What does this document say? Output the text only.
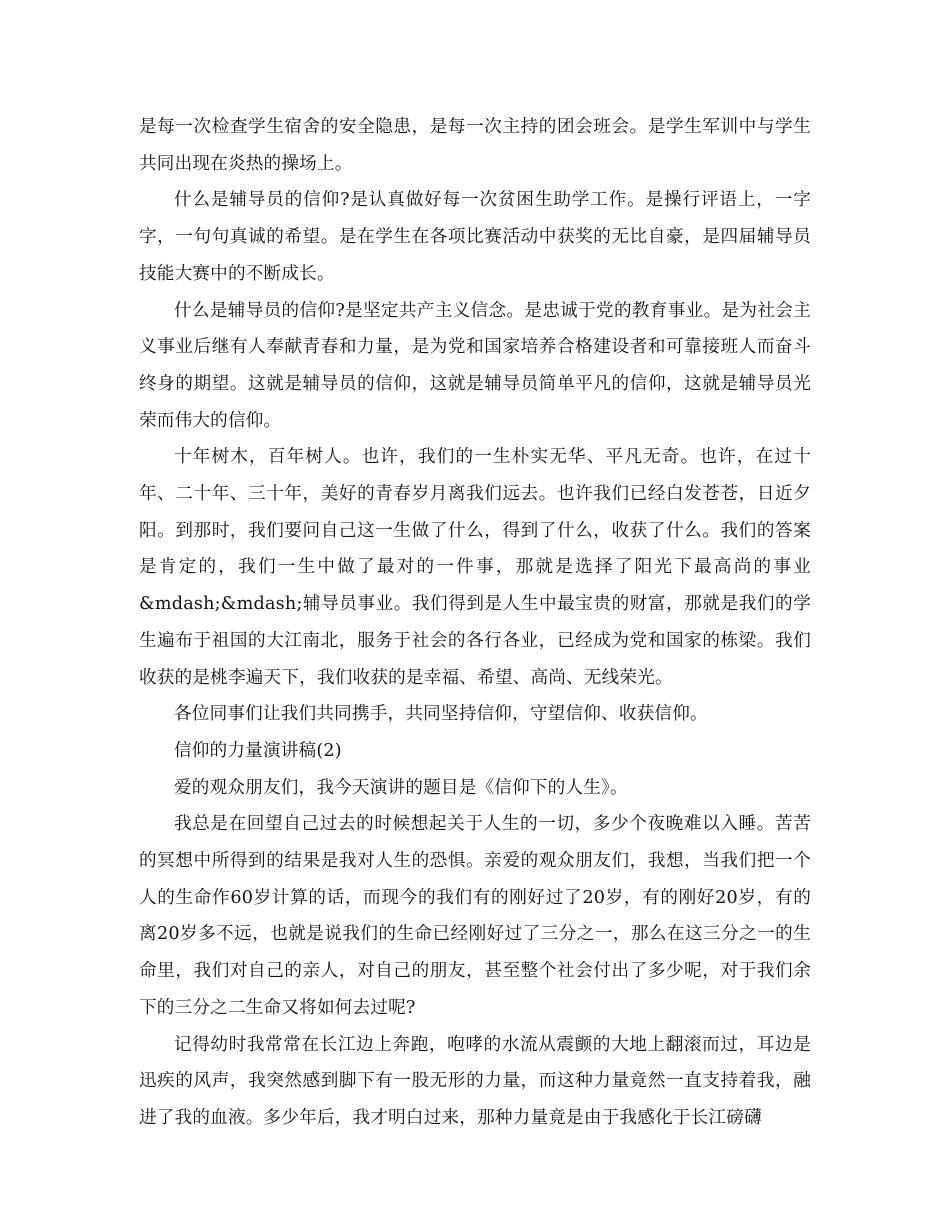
是每一次检查学生宿舍的安全隐患，是每一次主持的团会班会。是学生军训中与学生共同出现在炎热的操场上。

什么是辅导员的信仰?是认真做好每一次贫困生助学工作。是操行评语上，一字字，一句句真诚的希望。是在学生在各项比赛活动中获奖的无比自豪，是四届辅导员技能大赛中的不断成长。

什么是辅导员的信仰?是坚定共产主义信念。是忠诚于党的教育事业。是为社会主义事业后继有人奉献青春和力量，是为党和国家培养合格建设者和可靠接班人而奋斗终身的期望。这就是辅导员的信仰，这就是辅导员简单平凡的信仰，这就是辅导员光荣而伟大的信仰。

十年树木，百年树人。也许，我们的一生朴实无华、平凡无奇。也许，在过十年、二十年、三十年，美好的青春岁月离我们远去。也许我们已经白发苍苍，日近夕阳。到那时，我们要问自己这一生做了什么，得到了什么，收获了什么。我们的答案是肯定的，我们一生中做了最对的一件事，那就是选择了阳光下最高尚的事业&mdash;&mdash;辅导员事业。我们得到是人生中最宝贵的财富，那就是我们的学生遍布于祖国的大江南北，服务于社会的各行各业，已经成为党和国家的栋梁。我们收获的是桃李遍天下，我们收获的是幸福、希望、高尚、无线荣光。

各位同事们让我们共同携手，共同坚持信仰，守望信仰、收获信仰。

信仰的力量演讲稿(2)

爱的观众朋友们，我今天演讲的题目是《信仰下的人生》。

我总是在回望自己过去的时候想起关于人生的一切，多少个夜晚难以入睡。苦苦的冥想中所得到的结果是我对人生的恐惧。亲爱的观众朋友们，我想，当我们把一个人的生命作60岁计算的话，而现今的我们有的刚好过了20岁，有的刚好20岁，有的离20岁多不远，也就是说我们的生命已经刚好过了三分之一，那么在这三分之一的生命里，我们对自己的亲人，对自己的朋友，甚至整个社会付出了多少呢，对于我们余下的三分之二生命又将如何去过呢?

记得幼时我常常在长江边上奔跑，咆哮的水流从震颤的大地上翻滚而过，耳边是迅疾的风声，我突然感到脚下有一股无形的力量，而这种力量竟然一直支持着我，融进了我的血液。多少年后，我才明白过来，那种力量竟是由于我感化于长江磅礴
